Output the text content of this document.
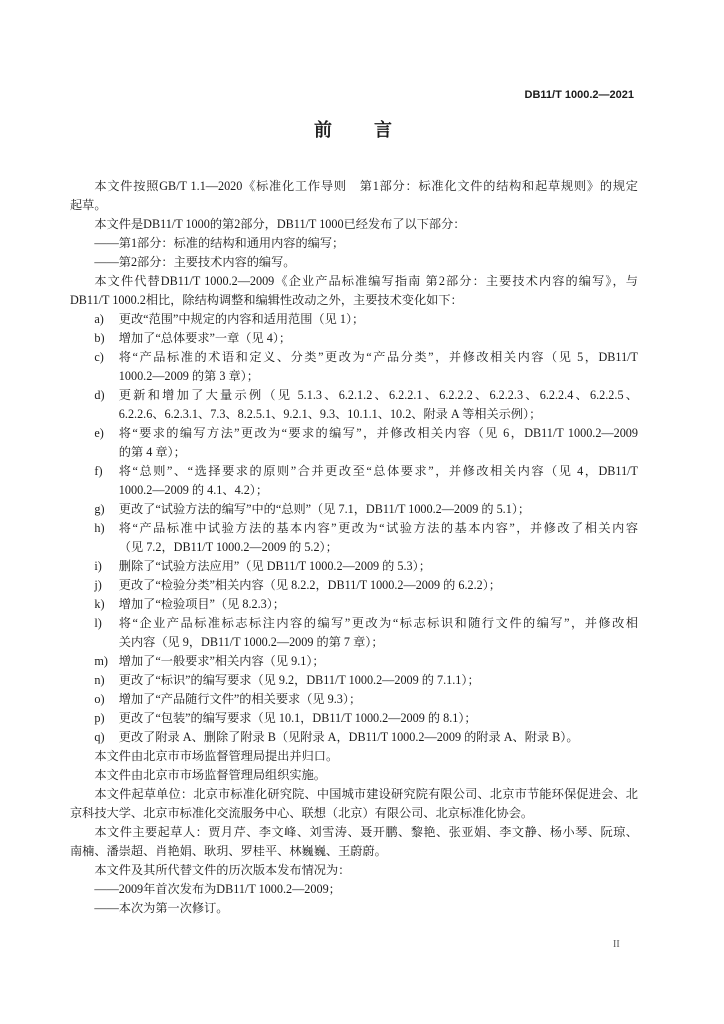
DB11/T 1000.2—2021
前　　言
本文件按照GB/T 1.1—2020《标准化工作导则　第1部分：标准化文件的结构和起草规则》的规定
起草。
本文件是DB11/T 1000的第2部分，DB11/T 1000已经发布了以下部分：
——第1部分：标准的结构和通用内容的编写；
——第2部分：主要技术内容的编写。
本文件代替DB11/T 1000.2—2009《企业产品标准编写指南 第2部分：主要技术内容的编写》，与
DB11/T 1000.2相比，除结构调整和编辑性改动之外，主要技术变化如下：
a)	更改“范围”中规定的内容和适用范围（见 1）；
b)	增加了“总体要求”一章（见 4）；
c)	将“产品标准的术语和定义、分类”更改为“产品分类”，并修改相关内容（见 5，DB11/T
1000.2—2009 的第 3 章）；
d)	更新和增加了大量示例（见 5.1.3、6.2.1.2、6.2.2.1、6.2.2.2、6.2.2.3、6.2.2.4、6.2.2.5、
6.2.2.6、6.2.3.1、7.3、8.2.5.1、9.2.1、9.3、10.1.1、10.2、附录 A 等相关示例）；
e)	将“要求的编写方法”更改为“要求的编写”，并修改相关内容（见 6，DB11/T 1000.2—2009
的第 4 章）；
f)	将“总则”、“选择要求的原则”合并更改至“总体要求”，并修改相关内容（见 4，DB11/T
1000.2—2009 的 4.1、4.2）；
g)	更改了“试验方法的编写”中的“总则”（见 7.1，DB11/T 1000.2—2009 的 5.1）；
h)	将“产品标准中试验方法的基本内容”更改为“试验方法的基本内容”，并修改了相关内容
（见 7.2，DB11/T 1000.2—2009 的 5.2）；
i)	删除了“试验方法应用”（见 DB11/T 1000.2—2009 的 5.3）；
j)	更改了“检验分类”相关内容（见 8.2.2，DB11/T 1000.2—2009 的 6.2.2）；
k)	增加了“检验项目”（见 8.2.3）；
l)	将“企业产品标准标志标注内容的编写”更改为“标志标识和随行文件的编写”，并修改相
关内容（见 9，DB11/T 1000.2—2009 的第 7 章）；
m) 增加了“一般要求”相关内容（见 9.1）；
n)	更改了“标识”的编写要求（见 9.2，DB11/T 1000.2—2009 的 7.1.1）；
o)	增加了“产品随行文件”的相关要求（见 9.3）；
p)	更改了“包装”的编写要求（见 10.1，DB11/T 1000.2—2009 的 8.1）；
q)	更改了附录 A、删除了附录 B（见附录 A，DB11/T 1000.2—2009 的附录 A、附录 B）。
本文件由北京市市场监督管理局提出并归口。
本文件由北京市市场监督管理局组织实施。
本文件起草单位：北京市标准化研究院、中国城市建设研究院有限公司、北京市节能环保促进会、北
京科技大学、北京市标准化交流服务中心、联想（北京）有限公司、北京标准化协会。
本文件主要起草人：贾月芹、李文峰、刘雪涛、聂开鹏、黎艳、张亚娟、李文静、杨小琴、阮琼、
南楠、潘崇超、肖艳娟、耿玥、罗桂平、林巍巍、王蔚蔚。
本文件及其所代替文件的历次版本发布情况为：
——2009年首次发布为DB11/T 1000.2—2009；
——本次为第一次修订。
II
